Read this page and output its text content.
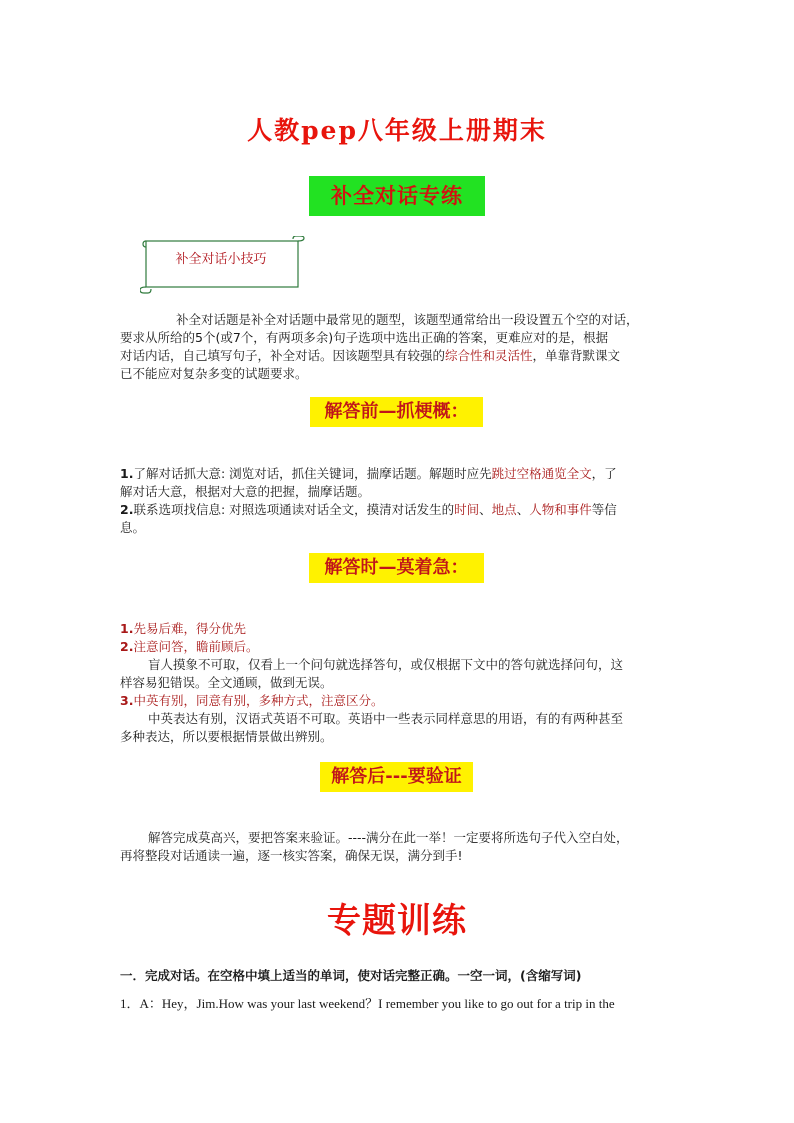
人教pep八年级上册期末
补全对话专练
补全对话小技巧
补全对话题是补全对话题中最常见的题型，该题型通常给出一段设置五个空的对话，
要求从所给的5个(或7个，有两项多余)句子选项中选出正确的答案，更难应对的是，根据
对话内话，自己填写句子，补全对话。因该题型具有较强的综合性和灵活性，单靠背默课文
已不能应对复杂多变的试题要求。
解答前—抓梗概：
1.了解对话抓大意: 浏览对话，抓住关键词，揣摩话题。解题时应先跳过空格通览全文，了
解对话大意，根据对大意的把握，揣摩话题。
2.联系选项找信息: 对照选项通读对话全文，摸清对话发生的时间、地点、人物和事件等信
息。
解答时—莫着急：
1.先易后难，得分优先
2.注意问答，瞻前顾后。
盲人摸象不可取，仅看上一个问句就选择答句，或仅根据下文中的答句就选择问句，这
样容易犯错误。全文通顾，做到无误。
3.中英有别，同意有别，多种方式，注意区分。
中英表达有别，汉语式英语不可取。英语中一些表示同样意思的用语，有的有两种甚至
多种表达，所以要根据情景做出辨别。
解答后---要验证
解答完成莫高兴，要把答案来验证。----满分在此一举！一定要将所选句子代入空白处，
再将整段对话通读一遍，逐一核实答案，确保无误，满分到手!
专题训练
一．完成对话。在空格中填上适当的单词，使对话完整正确。一空一词，(含缩写词)
1．A：Hey，Jim.How was your last weekend？I remember you like to go out for a trip in the
